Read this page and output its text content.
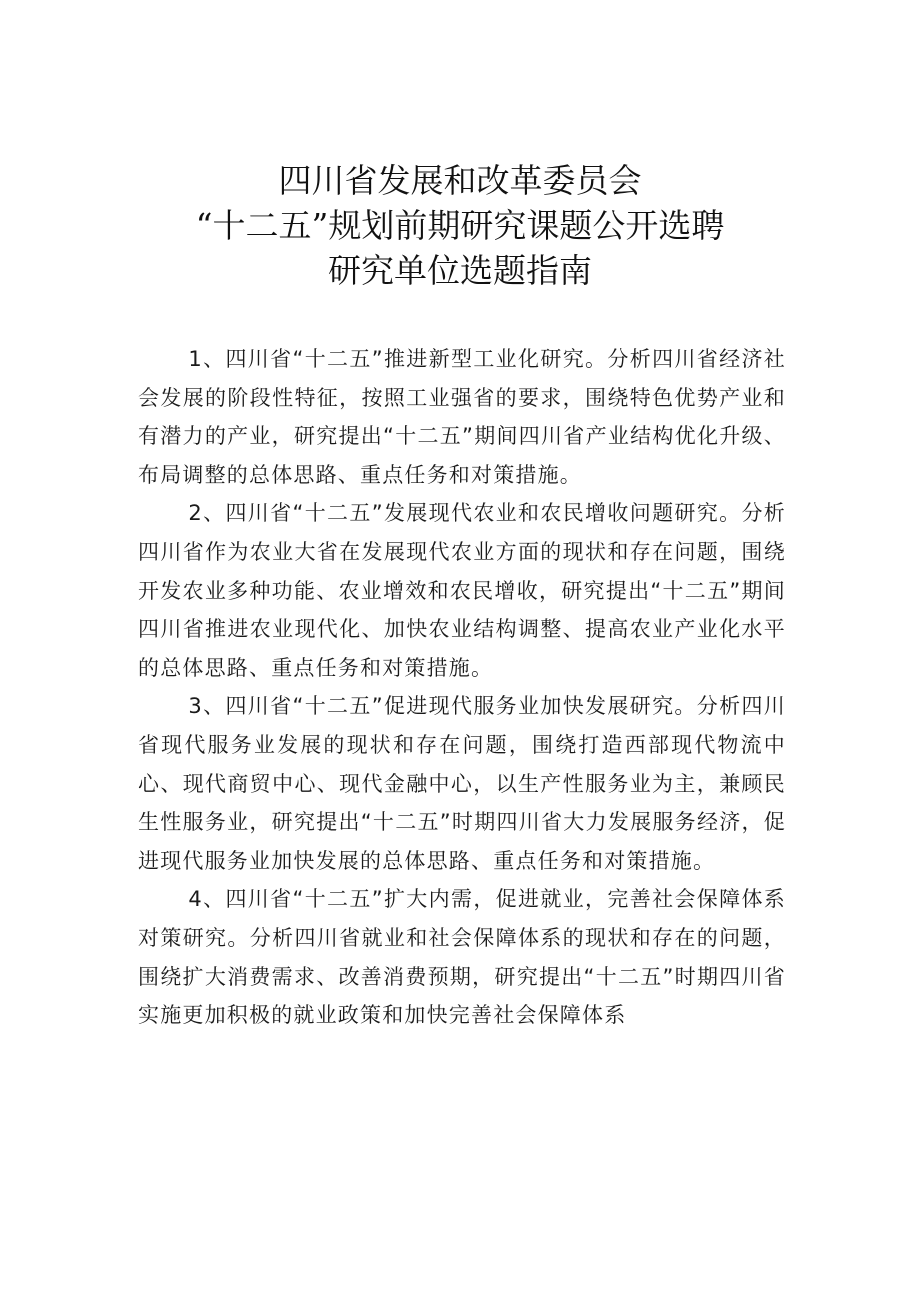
四川省发展和改革委员会
“十二五”规划前期研究课题公开选聘
研究单位选题指南

1、四川省“十二五”推进新型工业化研究。分析四川省经济社会发展的阶段性特征，按照工业强省的要求，围绕特色优势产业和有潜力的产业，研究提出“十二五”期间四川省产业结构优化升级、布局调整的总体思路、重点任务和对策措施。

2、四川省“十二五”发展现代农业和农民增收问题研究。分析四川省作为农业大省在发展现代农业方面的现状和存在问题，围绕开发农业多种功能、农业增效和农民增收，研究提出“十二五”期间四川省推进农业现代化、加快农业结构调整、提高农业产业化水平的总体思路、重点任务和对策措施。

3、四川省“十二五”促进现代服务业加快发展研究。分析四川省现代服务业发展的现状和存在问题，围绕打造西部现代物流中心、现代商贸中心、现代金融中心，以生产性服务业为主，兼顾民生性服务业，研究提出“十二五”时期四川省大力发展服务经济，促进现代服务业加快发展的总体思路、重点任务和对策措施。

4、四川省“十二五”扩大内需，促进就业，完善社会保障体系对策研究。分析四川省就业和社会保障体系的现状和存在的问题，围绕扩大消费需求、改善消费预期，研究提出“十二五”时期四川省实施更加积极的就业政策和加快完善社会保障体系
